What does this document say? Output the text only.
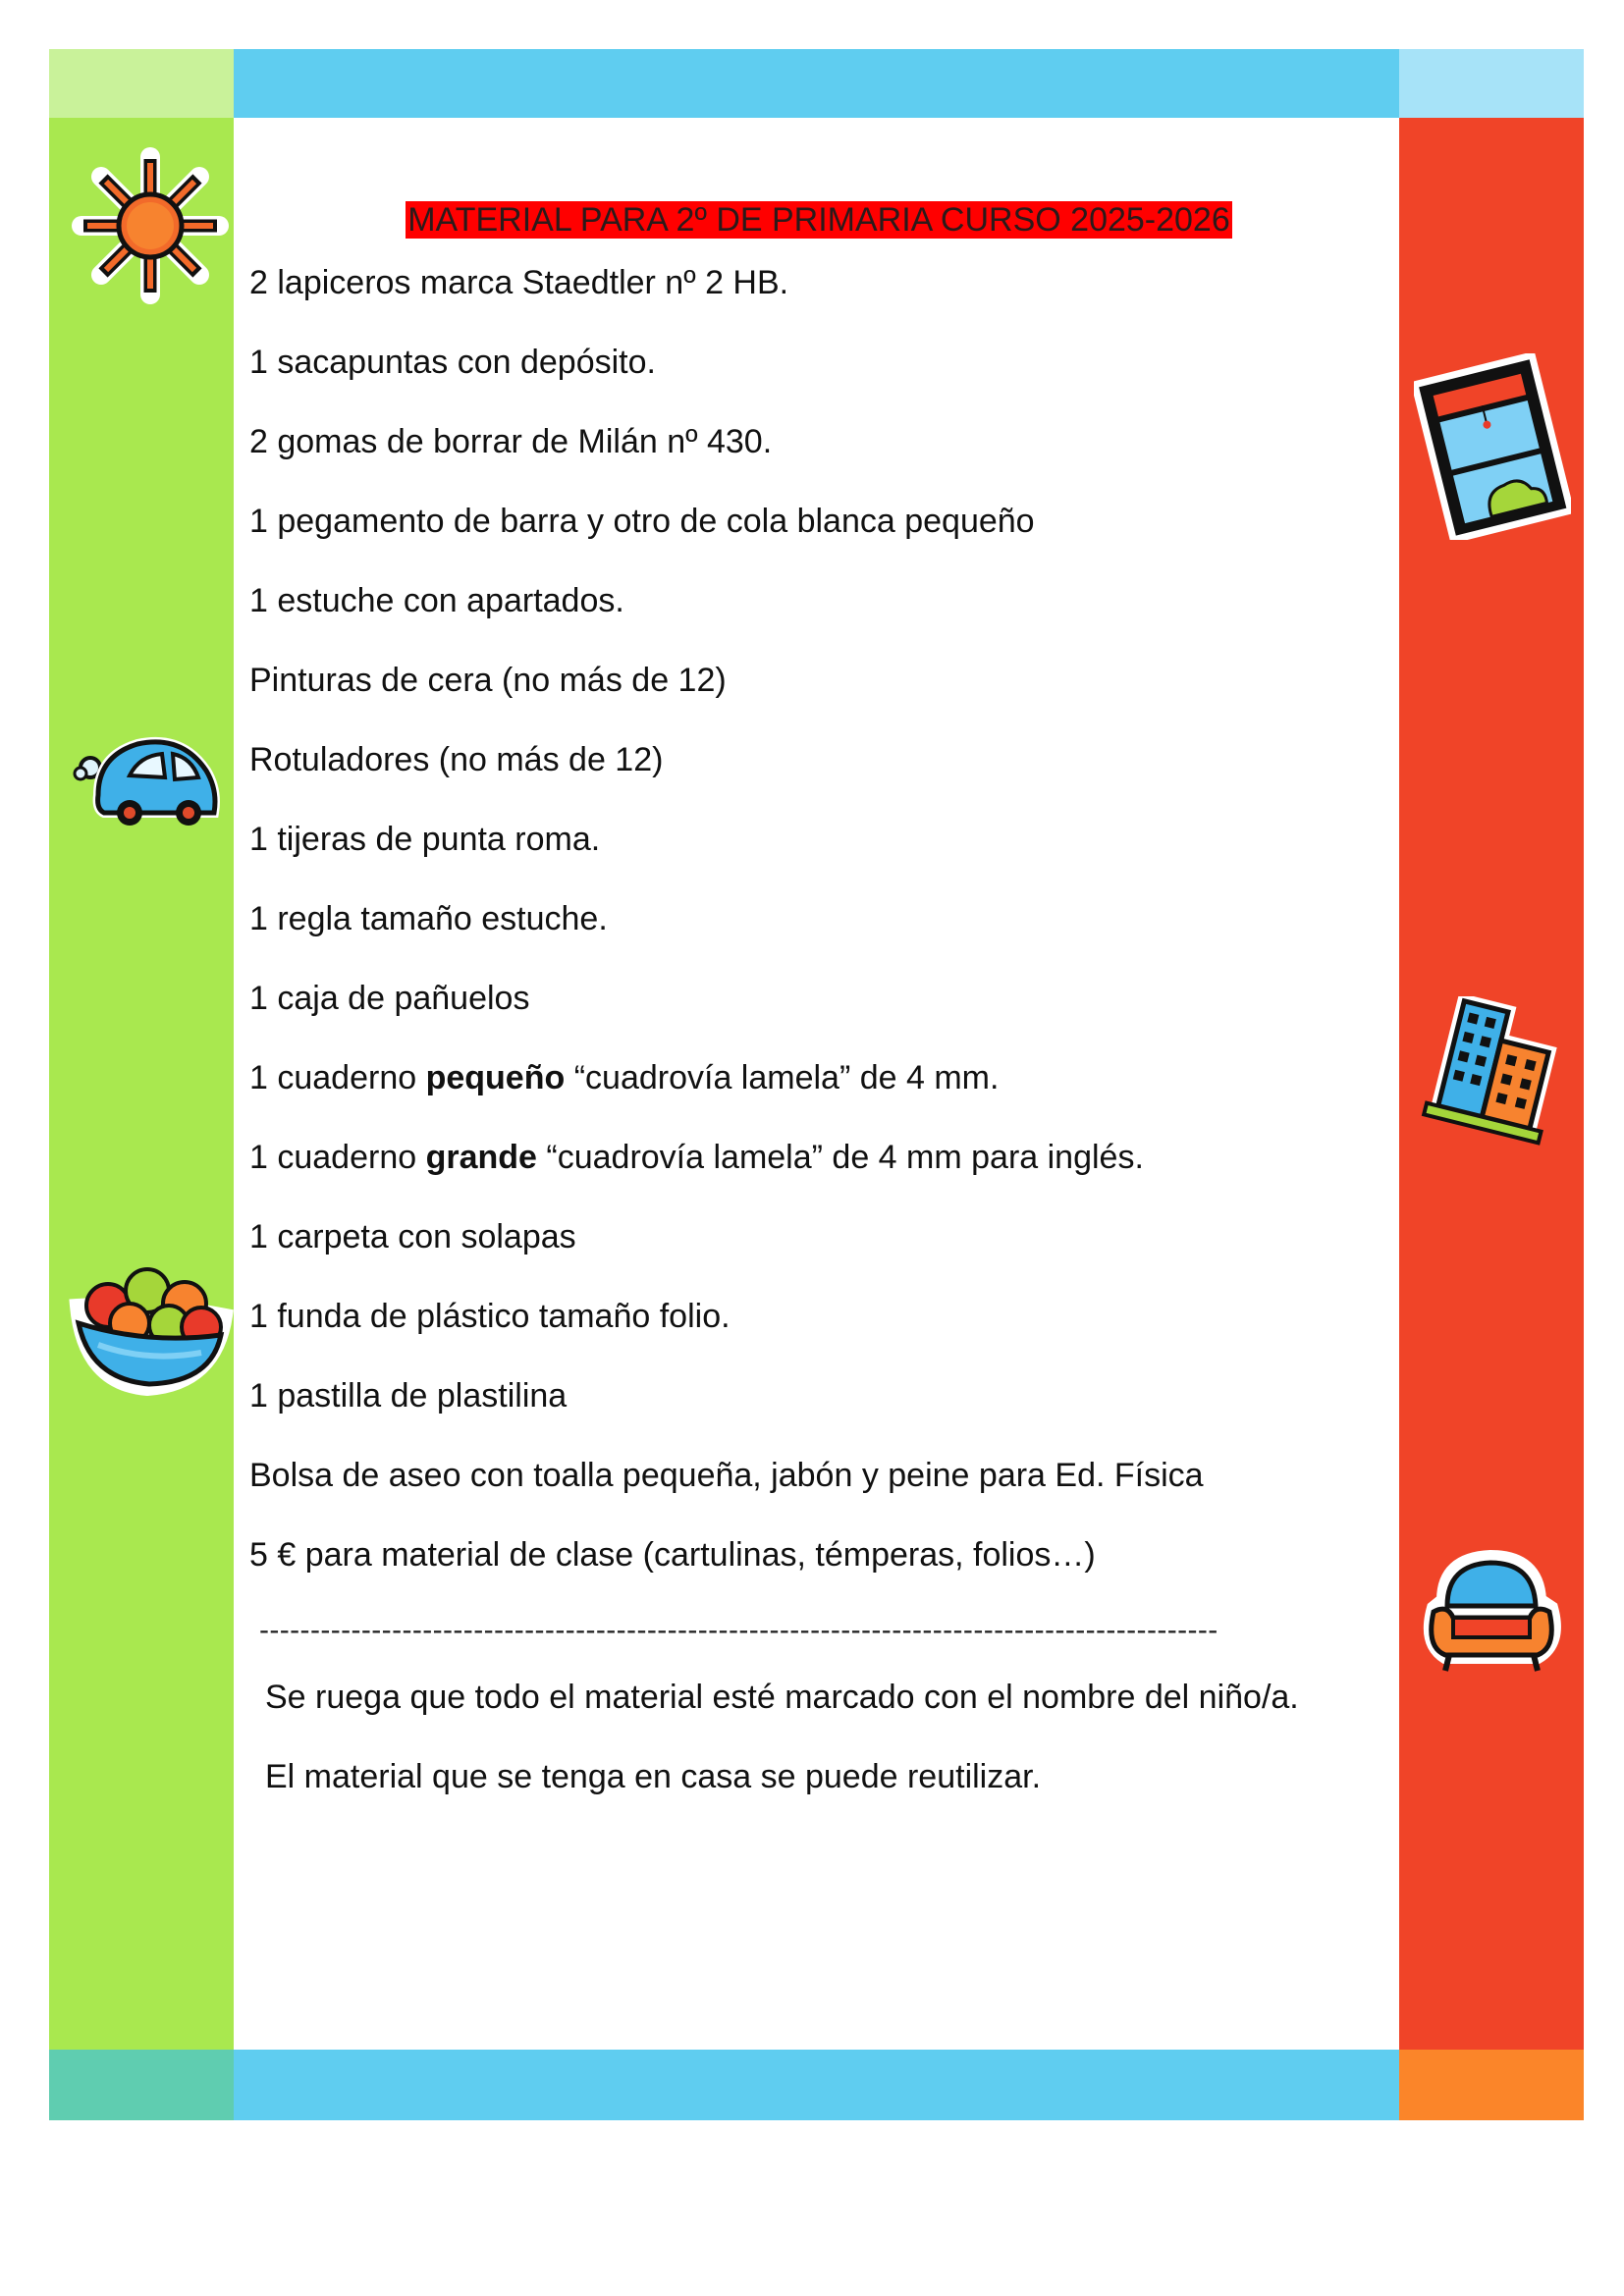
MATERIAL PARA 2º DE PRIMARIA CURSO 2025-2026
2 lapiceros marca Staedtler nº 2 HB.
1 sacapuntas con depósito.
2 gomas de borrar de Milán nº 430.
1 pegamento de barra y otro de cola blanca pequeño
1 estuche con apartados.
Pinturas de cera (no más de 12)
Rotuladores (no más de 12)
1 tijeras de punta roma.
1 regla tamaño estuche.
1 caja de pañuelos
1 cuaderno pequeño “cuadrovía lamela” de 4 mm.
1 cuaderno grande “cuadrovía lamela” de 4 mm para inglés.
1 carpeta con solapas
1 funda de plástico tamaño folio.
1 pastilla de plastilina
Bolsa de aseo con toalla pequeña, jabón y peine para Ed. Física
5 € para material de clase (cartulinas, témperas, folios…)
----------------------------------------------------------------------------------------------
Se ruega que todo el material esté marcado con el nombre del niño/a.
El material que se tenga en casa se puede reutilizar.
